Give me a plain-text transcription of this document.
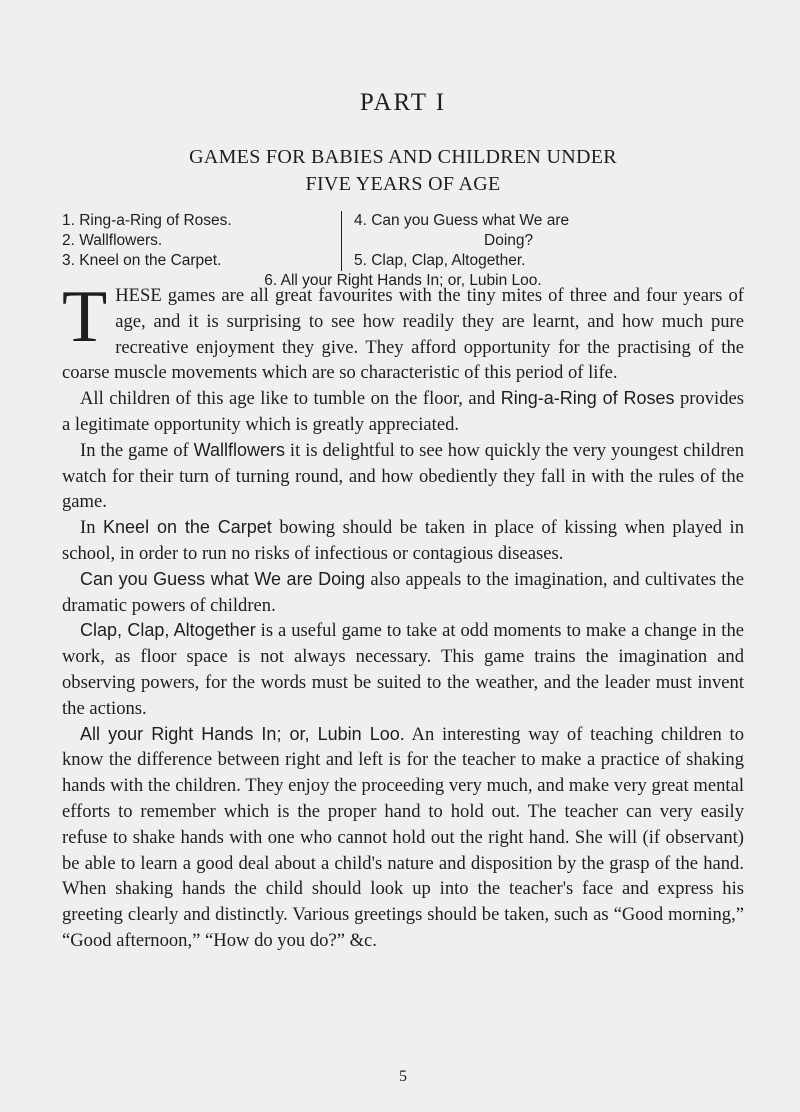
PART I
GAMES FOR BABIES AND CHILDREN UNDER
FIVE YEARS OF AGE
1. Ring-a-Ring of Roses.
2. Wallflowers.
3. Kneel on the Carpet.
4. Can you Guess what We are
Doing?
5. Clap, Clap, Altogether.
6. All your Right Hands In; or, Lubin Loo.

THESE games are all great favourites with the tiny mites of three and four years of age, and it is surprising to see how readily they are learnt, and how much pure recreative enjoyment they give. They afford opportunity for the practising of the coarse muscle movements which are so characteristic of this period of life.

All children of this age like to tumble on the floor, and Ring-a-Ring of Roses provides a legitimate opportunity which is greatly appreciated.

In the game of Wallflowers it is delightful to see how quickly the very youngest children watch for their turn of turning round, and how obediently they fall in with the rules of the game.

In Kneel on the Carpet bowing should be taken in place of kissing when played in school, in order to run no risks of infectious or contagious diseases.

Can you Guess what We are Doing also appeals to the imagination, and cultivates the dramatic powers of children.

Clap, Clap, Altogether is a useful game to take at odd moments to make a change in the work, as floor space is not always necessary. This game trains the imagination and observing powers, for the words must be suited to the weather, and the leader must invent the actions.

All your Right Hands In; or, Lubin Loo. An interesting way of teaching children to know the difference between right and left is for the teacher to make a practice of shaking hands with the children. They enjoy the proceeding very much, and make very great mental efforts to remember which is the proper hand to hold out. The teacher can very easily refuse to shake hands with one who cannot hold out the right hand. She will (if observant) be able to learn a good deal about a child's nature and disposition by the grasp of the hand. When shaking hands the child should look up into the teacher's face and express his greeting clearly and distinctly. Various greetings should be taken, such as “Good morning,” “Good afternoon,” “How do you do?” &c.

5
